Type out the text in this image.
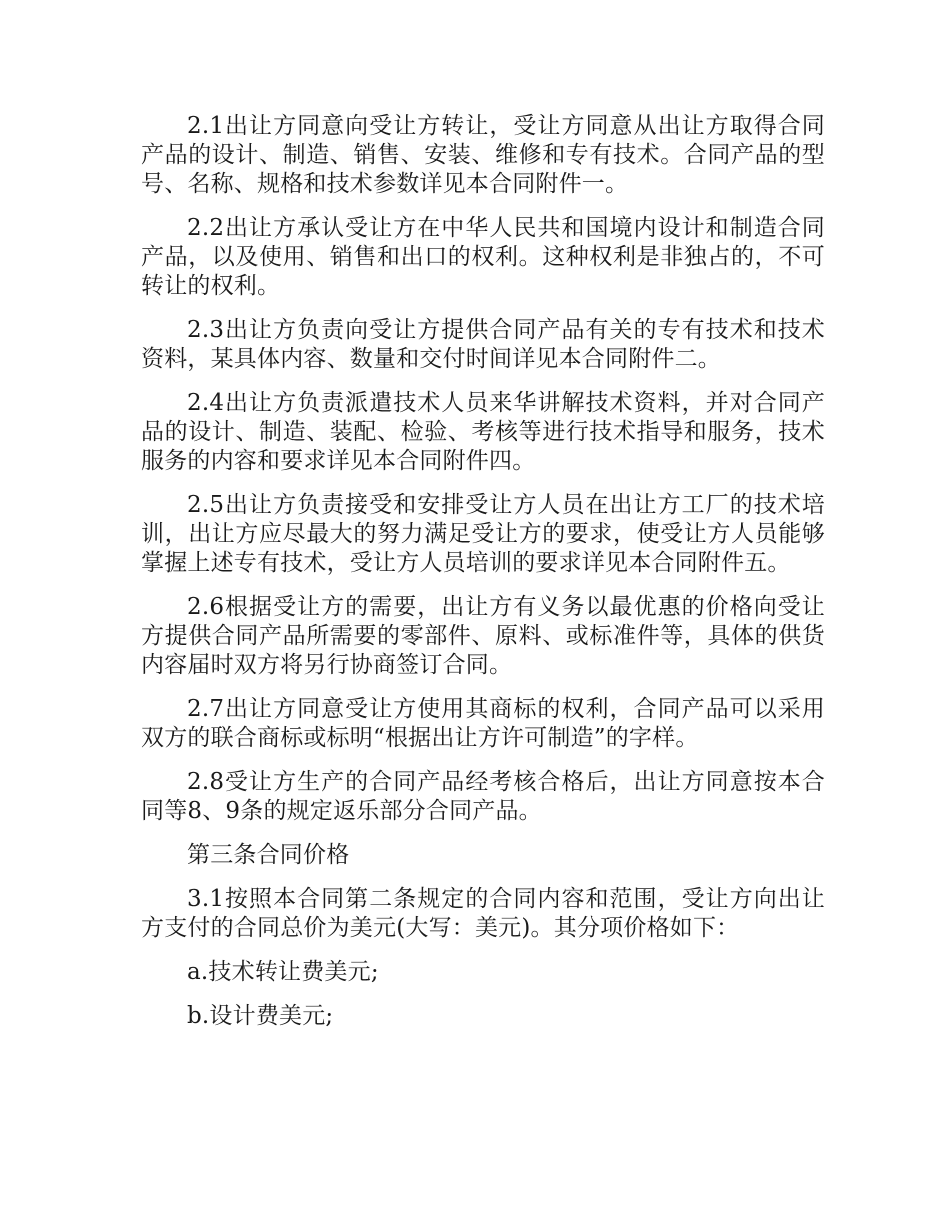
2.1出让方同意向受让方转让，受让方同意从出让方取得合同产品的设计、制造、销售、安装、维修和专有技术。合同产品的型号、名称、规格和技术参数详见本合同附件一。

2.2出让方承认受让方在中华人民共和国境内设计和制造合同产品，以及使用、销售和出口的权利。这种权利是非独占的，不可转让的权利。

2.3出让方负责向受让方提供合同产品有关的专有技术和技术资料，某具体内容、数量和交付时间详见本合同附件二。

2.4出让方负责派遣技术人员来华讲解技术资料，并对合同产品的设计、制造、装配、检验、考核等进行技术指导和服务，技术服务的内容和要求详见本合同附件四。

2.5出让方负责接受和安排受让方人员在出让方工厂的技术培训，出让方应尽最大的努力满足受让方的要求，使受让方人员能够掌握上述专有技术，受让方人员培训的要求详见本合同附件五。

2.6根据受让方的需要，出让方有义务以最优惠的价格向受让方提供合同产品所需要的零部件、原料、或标准件等，具体的供货内容届时双方将另行协商签订合同。

2.7出让方同意受让方使用其商标的权利，合同产品可以采用双方的联合商标或标明“根据出让方许可制造”的字样。

2.8受让方生产的合同产品经考核合格后，出让方同意按本合同等8、9条的规定返乐部分合同产品。

第三条合同价格

3.1按照本合同第二条规定的合同内容和范围，受让方向出让方支付的合同总价为美元(大写：美元)。其分项价格如下：

a.技术转让费美元;

b.设计费美元;
